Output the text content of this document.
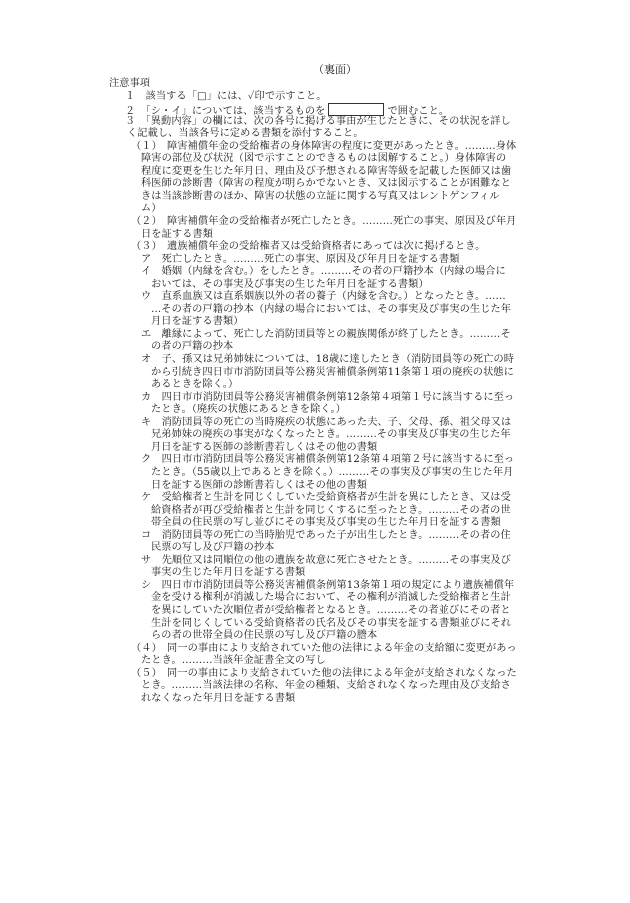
（裏面）
注意事項
１　該当する「□」には、✓印で示すこと。
２　「シ・イ」については、該当するものを	で囲むこと。
３　「異動内容」の欄には、次の各号に掲げる事由が生じたときに、その状況を詳し
く記載し、当該各号に定める書類を添付すること。
（１）　障害補償年金の受給権者の身体障害の程度に変更があったとき。………身体
障害の部位及び状況（図で示すことのできるものは図解すること。）身体障害の
程度に変更を生じた年月日、理由及び予想される障害等級を記載した医師又は歯
科医師の診断書（障害の程度が明らかでないとき、又は図示することが困難なと
きは当該診断書のほか、障害の状態の立証に関する写真又はレントゲンフィル
ム）
（２）　障害補償年金の受給権者が死亡したとき。………死亡の事実、原因及び年月
日を証する書類
（３）　遺族補償年金の受給権者又は受給資格者にあっては次に掲げるとき。
ア　死亡したとき。………死亡の事実、原因及び年月日を証する書類
イ　婚姻（内縁を含む。）をしたとき。………その者の戸籍抄本（内縁の場合に
おいては、その事実及び事実の生じた年月日を証する書類）
ウ　直系血族又は直系姻族以外の者の養子（内縁を含む。）となったとき。……
…その者の戸籍の抄本（内縁の場合においては、その事実及び事実の生じた年
月日を証する書類）
エ　離縁によって、死亡した消防団員等との親族関係が終了したとき。………そ
の者の戸籍の抄本
オ　子、孫又は兄弟姉妹については、18歳に達したとき（消防団員等の死亡の時
から引続き四日市市消防団員等公務災害補償条例第11条第１項の廃疾の状態に
あるときを除く。）
カ　四日市市消防団員等公務災害補償条例第12条第４項第１号に該当するに至っ
たとき。（廃疾の状態にあるときを除く。）
キ　消防団員等の死亡の当時廃疾の状態にあった夫、子、父母、孫、祖父母又は
兄弟姉妹の廃疾の事実がなくなったとき。………その事実及び事実の生じた年
月日を証する医師の診断書若しくはその他の書類
ク　四日市市消防団員等公務災害補償条例第12条第４項第２号に該当するに至っ
たとき。（55歳以上であるときを除く。）………その事実及び事実の生じた年月
日を証する医師の診断書若しくはその他の書類
ケ　受給権者と生計を同じくしていた受給資格者が生計を異にしたとき、又は受
給資格者が再び受給権者と生計を同じくするに至ったとき。………その者の世
帯全員の住民票の写し並びにその事実及び事実の生じた年月日を証する書類
コ　消防団員等の死亡の当時胎児であった子が出生したとき。………その者の住
民票の写し及び戸籍の抄本
サ　先順位又は同順位の他の遺族を故意に死亡させたとき。………その事実及び
事実の生じた年月日を証する書類
シ　四日市市消防団員等公務災害補償条例第13条第１項の規定により遺族補償年
金を受ける権利が消滅した場合において、その権利が消滅した受給権者と生計
を異にしていた次順位者が受給権者となるとき。………その者並びにその者と
生計を同じくしている受給資格者の氏名及びその事実を証する書類並びにそれ
らの者の世帯全員の住民票の写し及び戸籍の謄本
（４）　同一の事由により支給されていた他の法律による年金の支給額に変更があっ
たとき。………当該年金証書全文の写し
（５）　同一の事由により支給されていた他の法律による年金が支給されなくなった
とき。………当該法律の名称、年金の種類、支給されなくなった理由及び支給さ
れなくなった年月日を証する書類
